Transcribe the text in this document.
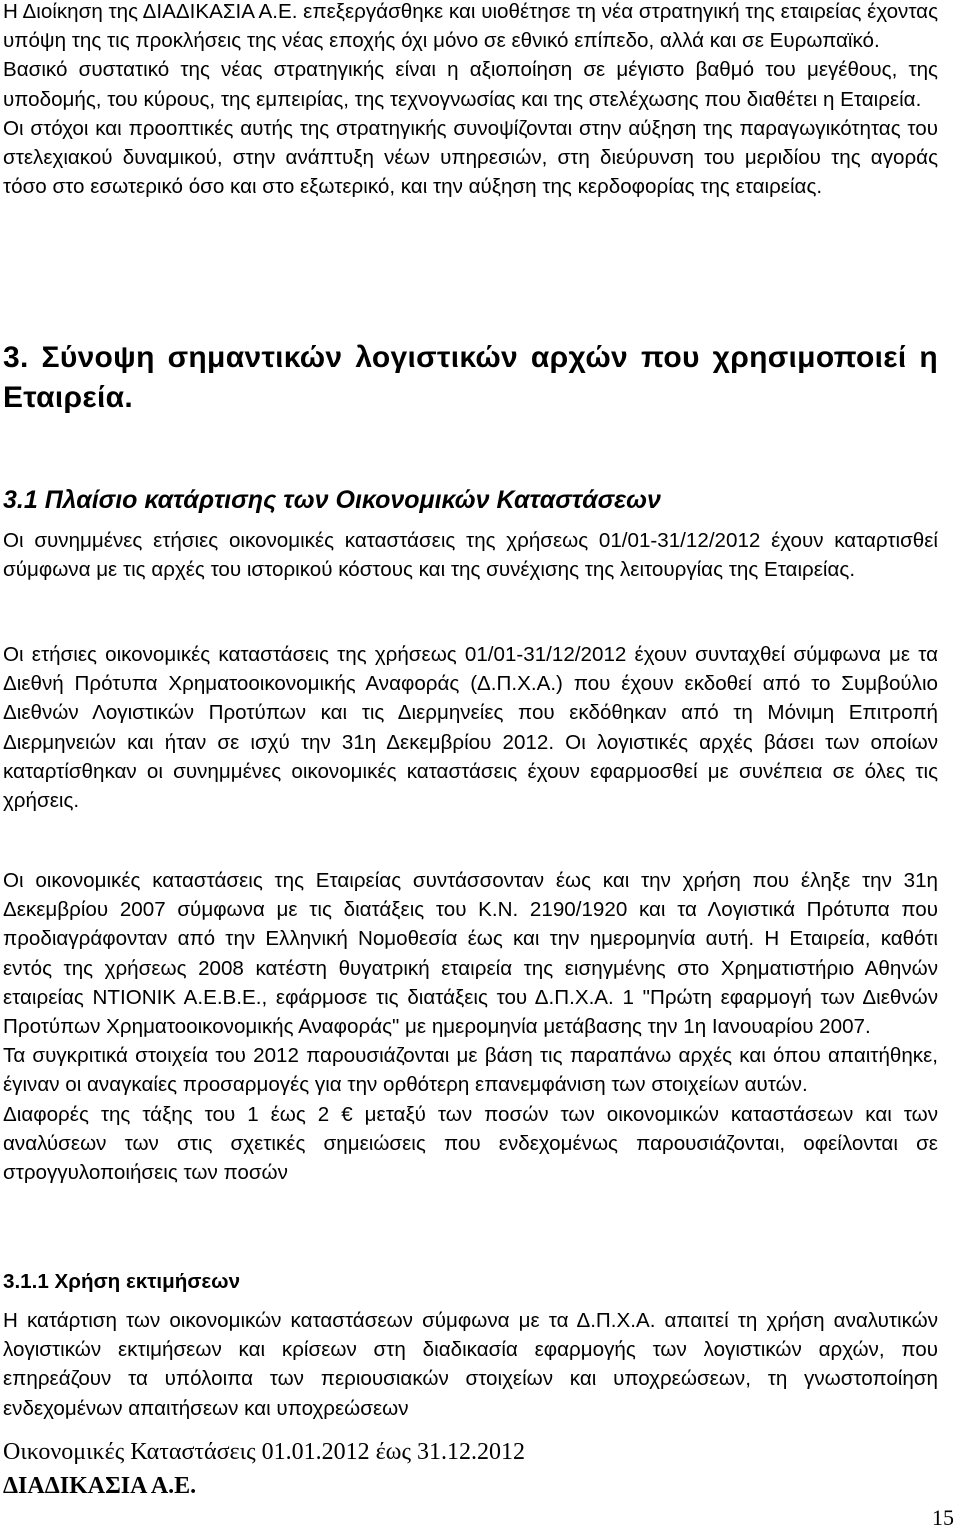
Η Διοίκηση της ΔΙΑΔΙΚΑΣΙΑ Α.Ε. επεξεργάσθηκε και υιοθέτησε τη νέα στρατηγική της εταιρείας έχοντας υπόψη της τις προκλήσεις της νέας εποχής όχι μόνο σε εθνικό επίπεδο, αλλά και σε Ευρωπαϊκό.

Βασικό συστατικό της νέας στρατηγικής είναι η αξιοποίηση σε μέγιστο βαθμό του μεγέθους, της υποδομής, του κύρους, της εμπειρίας, της τεχνογνωσίας και της στελέχωσης που διαθέτει η Εταιρεία.

Οι στόχοι και προοπτικές αυτής της στρατηγικής συνοψίζονται στην αύξηση της παραγωγικότητας του στελεχιακού δυναμικού, στην ανάπτυξη νέων υπηρεσιών, στη διεύρυνση του μεριδίου της αγοράς τόσο στο εσωτερικό όσο και στο εξωτερικό, και την αύξηση της κερδοφορίας της εταιρείας.

3. Σύνοψη σημαντικών λογιστικών αρχών που χρησιμοποιεί η Εταιρεία.
3.1 Πλαίσιο κατάρτισης των Οικονομικών Καταστάσεων

Οι συνημμένες ετήσιες οικονομικές καταστάσεις της χρήσεως 01/01-31/12/2012 έχουν καταρτισθεί σύμφωνα με τις αρχές του ιστορικού κόστους και της συνέχισης της λειτουργίας της Εταιρείας.

Οι ετήσιες οικονομικές καταστάσεις της χρήσεως 01/01-31/12/2012 έχουν συνταχθεί σύμφωνα με τα Διεθνή Πρότυπα Χρηματοοικονομικής Αναφοράς (Δ.Π.Χ.Α.) που έχουν εκδοθεί από το Συμβούλιο Διεθνών Λογιστικών Προτύπων και τις Διερμηνείες που εκδόθηκαν από τη Μόνιμη Επιτροπή Διερμηνειών και ήταν σε ισχύ την 31η Δεκεμβρίου 2012. Οι λογιστικές αρχές βάσει των οποίων καταρτίσθηκαν οι συνημμένες οικονομικές καταστάσεις έχουν εφαρμοσθεί με συνέπεια σε όλες τις χρήσεις.

Οι οικονομικές καταστάσεις της Εταιρείας συντάσσονταν έως και την χρήση που έληξε την 31η Δεκεμβρίου 2007 σύμφωνα με τις διατάξεις του Κ.Ν. 2190/1920 και τα Λογιστικά Πρότυπα που προδιαγράφονταν από την Ελληνική Νομοθεσία έως και την ημερομηνία αυτή. Η Εταιρεία, καθότι εντός της χρήσεως 2008 κατέστη θυγατρική εταιρεία της εισηγμένης στο Χρηματιστήριο Αθηνών εταιρείας ΝΤΙΟΝΙΚ Α.Ε.Β.Ε., εφάρμοσε τις διατάξεις του Δ.Π.Χ.Α. 1 "Πρώτη εφαρμογή των Διεθνών Προτύπων Χρηματοοικονομικής Αναφοράς" με ημερομηνία μετάβασης την 1η Ιανουαρίου 2007.

Τα συγκριτικά στοιχεία του 2012 παρουσιάζονται με βάση τις παραπάνω αρχές και όπου απαιτήθηκε, έγιναν οι αναγκαίες προσαρμογές για την ορθότερη επανεμφάνιση των στοιχείων αυτών.

Διαφορές της τάξης του 1 έως 2 € μεταξύ των ποσών των οικονομικών καταστάσεων και των αναλύσεων των στις σχετικές σημειώσεις που ενδεχομένως παρουσιάζονται, οφείλονται σε στρογγυλοποιήσεις των ποσών

3.1.1 Χρήση εκτιμήσεων

Η κατάρτιση των οικονομικών καταστάσεων σύμφωνα με τα Δ.Π.Χ.Α. απαιτεί τη χρήση αναλυτικών λογιστικών εκτιμήσεων και κρίσεων στη διαδικασία εφαρμογής των λογιστικών αρχών, που επηρεάζουν τα υπόλοιπα των περιουσιακών στοιχείων και υποχρεώσεων, τη γνωστοποίηση ενδεχομένων απαιτήσεων και υποχρεώσεων

Οικονομικές Καταστάσεις 01.01.2012 έως 31.12.2012
ΔΙΑΔΙΚΑΣΙΑ Α.Ε.
15
